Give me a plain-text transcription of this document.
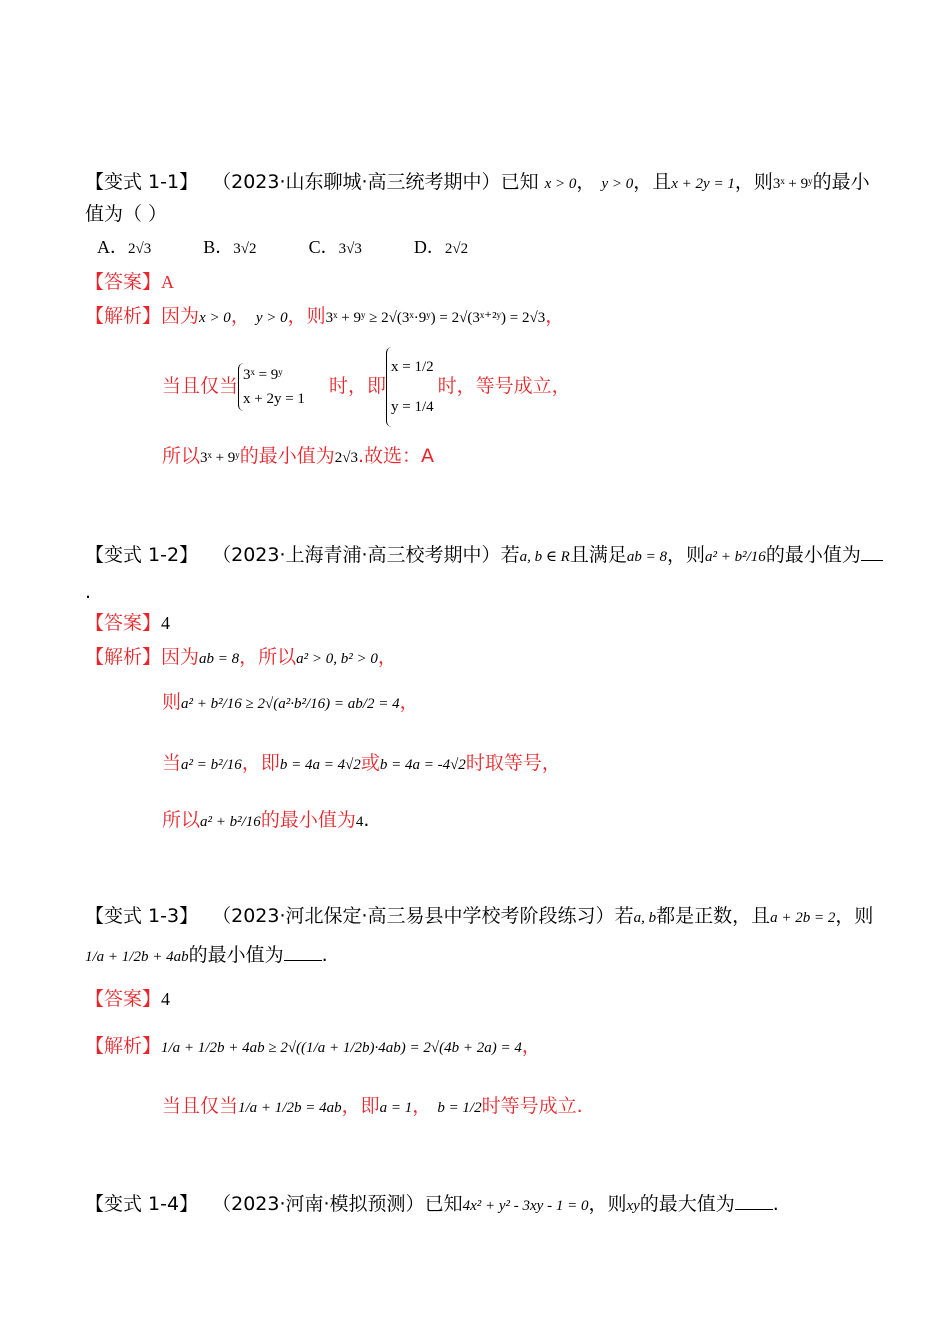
【变式 1-1】 （2023·山东聊城·高三统考期中）已知 x > 0， y > 0，且x + 2y = 1，则3ˣ + 9ʸ的最小
值为（ ）
A．2√3	B．3√2	C．3√3	D．2√2
【答案】A
【解析】因为x > 0， y > 0，则3ˣ + 9ʸ ≥ 2√(3ˣ·9ʸ) = 2√(3ˣ⁺²ʸ) = 2√3，
当且仅当
3ˣ = 9ʸ
x + 2y = 1
时，即
x = 1/2
y = 1/4
时，等号成立，
所以3ˣ + 9ʸ的最小值为2√3.故选：A
【变式 1-2】 （2023·上海青浦·高三校考期中）若a, b ∈ R且满足ab = 8，则a² + b²/16的最小值为
.
【答案】4
【解析】因为ab = 8，所以a² > 0, b² > 0，
则a² + b²/16 ≥ 2√(a²·b²/16) = ab/2 = 4，
当a² = b²/16，即b = 4a = 4√2或b = 4a = -4√2时取等号，
所以a² + b²/16的最小值为4.
【变式 1-3】 （2023·河北保定·高三易县中学校考阶段练习）若a, b都是正数，且a + 2b = 2，则
1/a + 1/2b + 4ab的最小值为 .
【答案】4
【解析】1/a + 1/2b + 4ab ≥ 2√((1/a + 1/2b)·4ab) = 2√(4b + 2a) = 4，
当且仅当1/a + 1/2b = 4ab，即a = 1， b = 1/2时等号成立.
【变式 1-4】 （2023·河南·模拟预测）已知4x² + y² - 3xy - 1 = 0，则xy的最大值为 .
